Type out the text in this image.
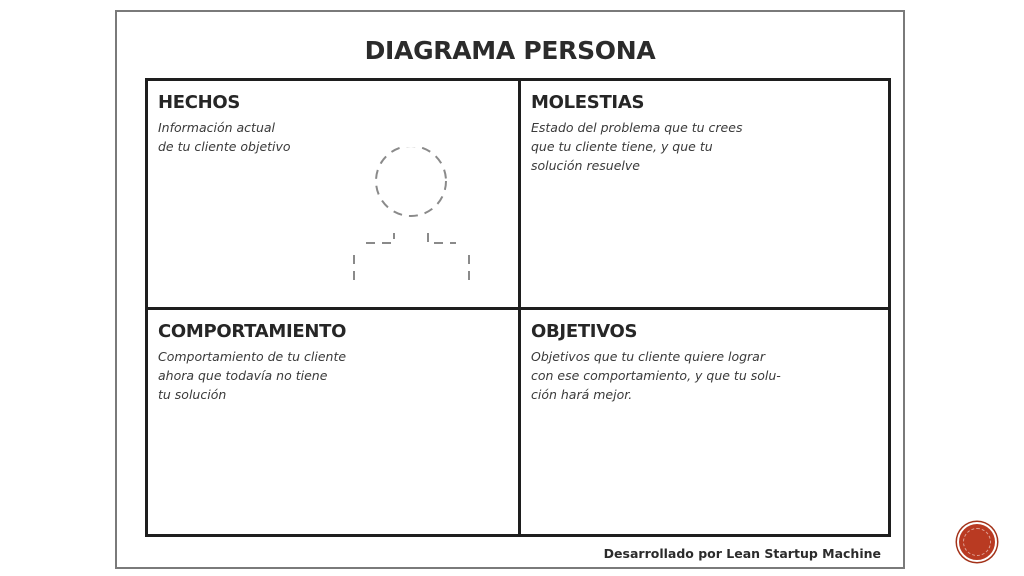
DIAGRAMA PERSONA
HECHOS
Información actual
de tu cliente objetivo
MOLESTIAS
Estado del problema que tu crees
que tu cliente tiene, y que tu
solución resuelve
COMPORTAMIENTO
Comportamiento de tu cliente
ahora que todavía no tiene
tu solución
OBJETIVOS
Objetivos que tu cliente quiere lograr
con ese comportamiento, y que tu solu-
ción hará mejor.
Desarrollado por Lean Startup Machine
